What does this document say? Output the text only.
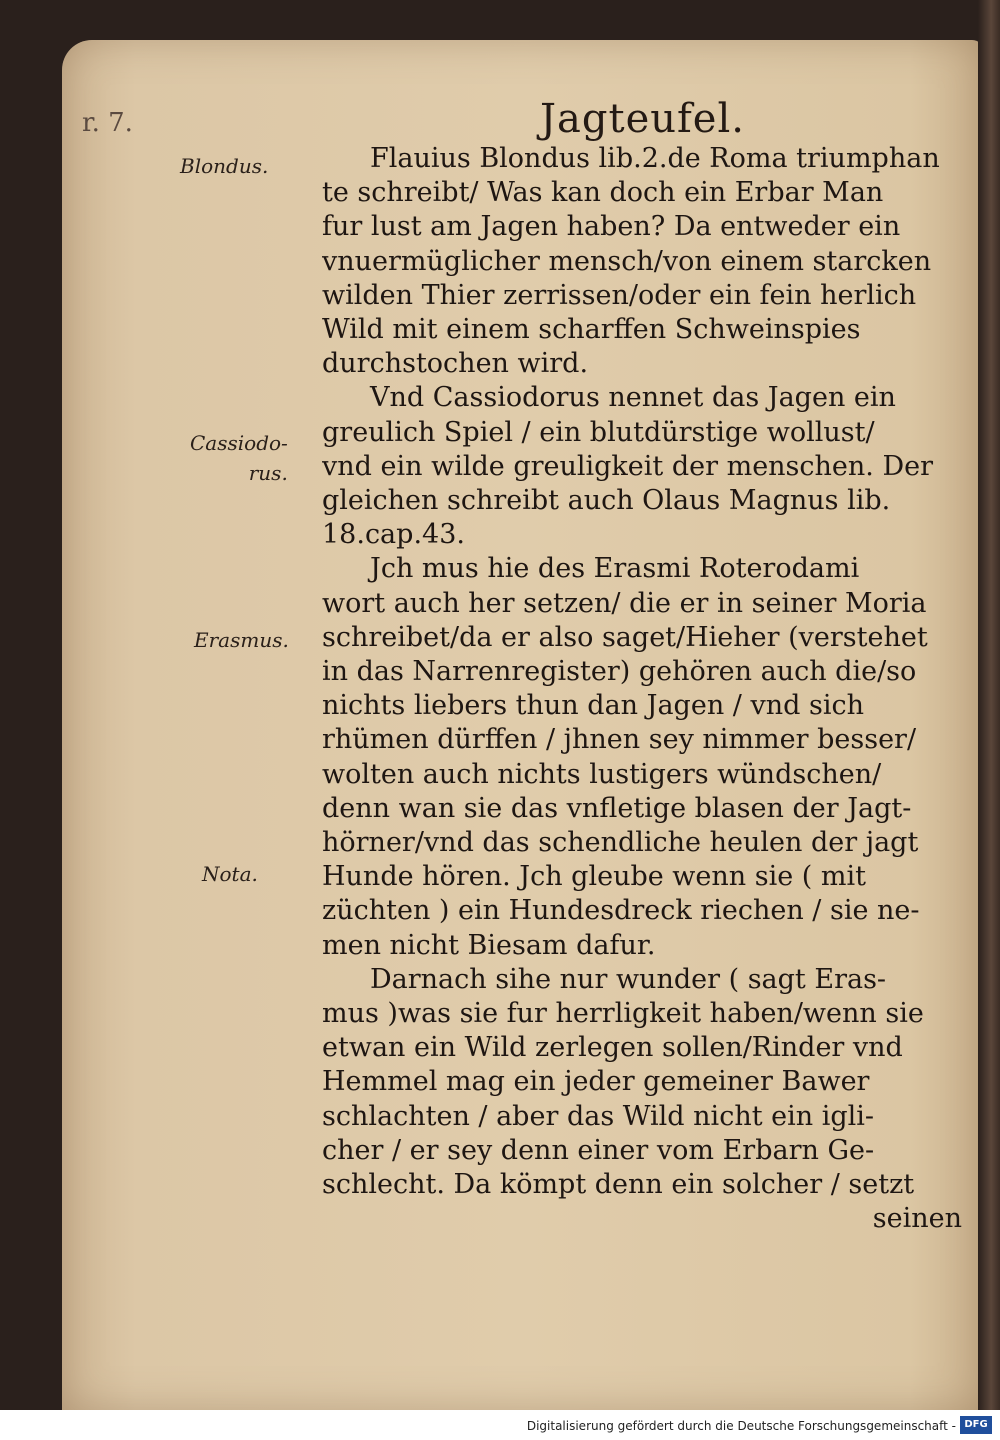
r. 7.	Jagteufel.
Blondus.
Cassiodo-
rus.
Erasmus.
Nota.
Flauius Blondus lib.2.de Roma triumphan
te schreibt/ Was kan doch ein Erbar Man
fur lust am Jagen haben? Da entweder ein
vnuermüglicher mensch/von einem starcken
wilden Thier zerrissen/oder ein fein herlich
Wild mit einem scharffen Schweinspies
durchstochen wird.
Vnd Cassiodorus nennet das Jagen ein
greulich Spiel / ein blutdürstige wollust/
vnd ein wilde greuligkeit der menschen. Der
gleichen schreibt auch Olaus Magnus lib.
18.cap.43.
Jch mus hie des Erasmi Roterodami
wort auch her setzen/ die er in seiner Moria
schreibet/da er also saget/Hieher (verstehet
in das Narrenregister) gehören auch die/so
nichts liebers thun dan Jagen / vnd sich
rhümen dürffen / jhnen sey nimmer besser/
wolten auch nichts lustigers wündschen/
denn wan sie das vnfletige blasen der Jagt-
hörner/vnd das schendliche heulen der jagt
Hunde hören. Jch gleube wenn sie ( mit
züchten ) ein Hundesdreck riechen / sie ne-
men nicht Biesam dafur.
Darnach sihe nur wunder ( sagt Eras-
mus )was sie fur herrligkeit haben/wenn sie
etwan ein Wild zerlegen sollen/Rinder vnd
Hemmel mag ein jeder gemeiner Bawer
schlachten / aber das Wild nicht ein igli-
cher / er sey denn einer vom Erbarn Ge-
schlecht. Da kömpt denn ein solcher / setzt
seinen
Digitalisierung gefördert durch die Deutsche Forschungsgemeinschaft - DFG
